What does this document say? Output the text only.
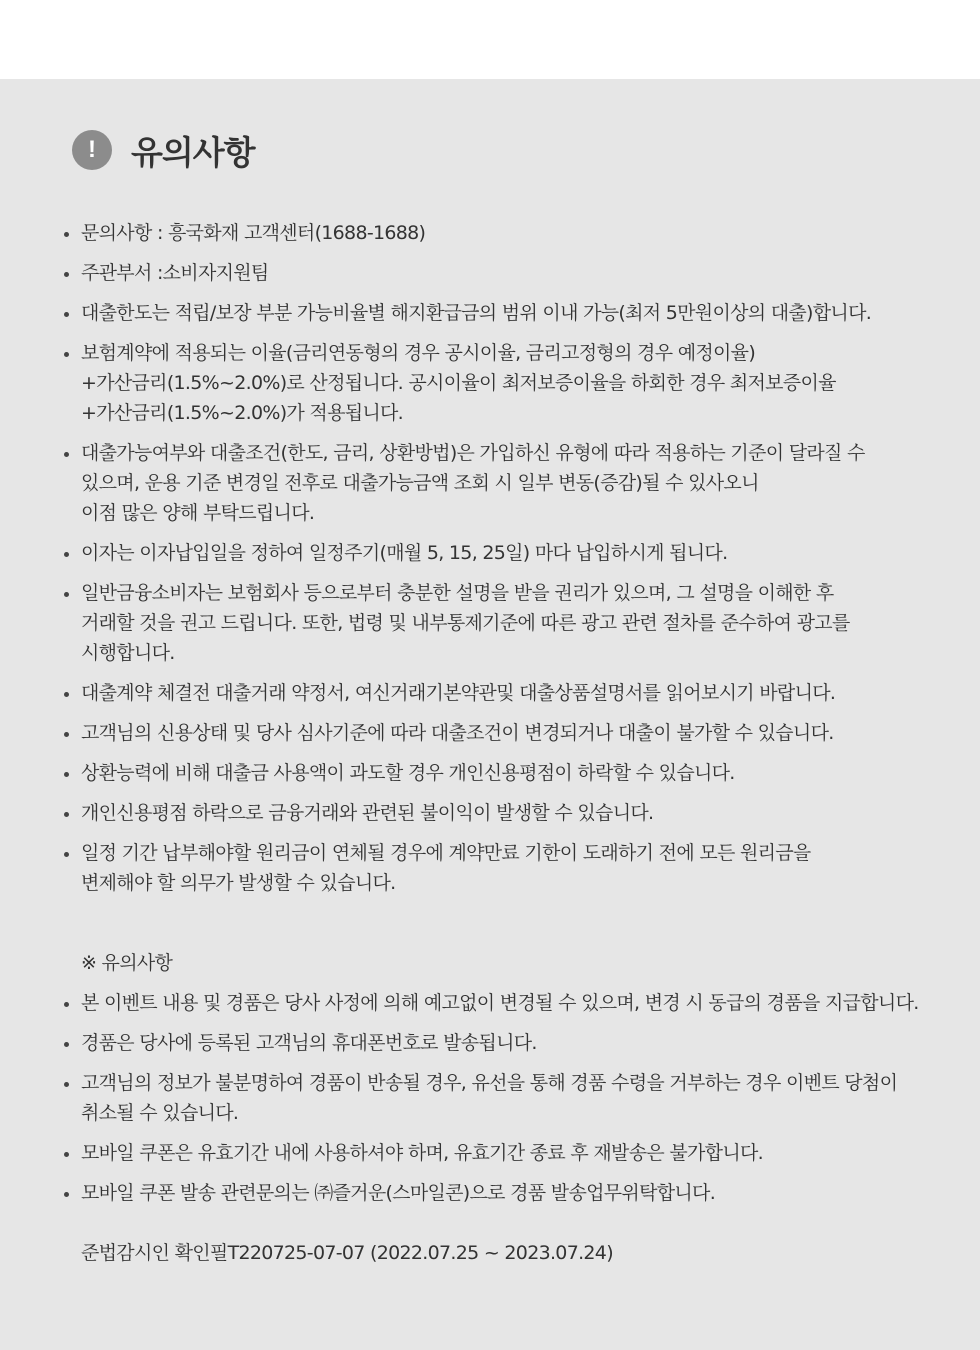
!	유의사항
문의사항 : 흥국화재 고객센터(1688-1688)
주관부서 :소비자지원팀
대출한도는 적립/보장 부분 가능비율별 해지환급금의 범위 이내 가능(최저 5만원이상의 대출)합니다.
보험계약에 적용되는 이율(금리연동형의 경우 공시이율, 금리고정형의 경우 예정이율)
+가산금리(1.5%~2.0%)로 산정됩니다. 공시이율이 최저보증이율을 하회한 경우 최저보증이율
+가산금리(1.5%~2.0%)가 적용됩니다.
대출가능여부와 대출조건(한도, 금리, 상환방법)은 가입하신 유형에 따라 적용하는 기준이 달라질 수
있으며, 운용 기준 변경일 전후로 대출가능금액 조회 시 일부 변동(증감)될 수 있사오니
이점 많은 양해 부탁드립니다.
이자는 이자납입일을 정하여 일정주기(매월 5, 15, 25일) 마다 납입하시게 됩니다.
일반금융소비자는 보험회사 등으로부터 충분한 설명을 받을 권리가 있으며, 그 설명을 이해한 후
거래할 것을 권고 드립니다. 또한, 법령 및 내부통제기준에 따른 광고 관련 절차를 준수하여 광고를
시행합니다.
대출계약 체결전 대출거래 약정서, 여신거래기본약관및 대출상품설명서를 읽어보시기 바랍니다.
고객님의 신용상태 및 당사 심사기준에 따라 대출조건이 변경되거나 대출이 불가할 수 있습니다.
상환능력에 비해 대출금 사용액이 과도할 경우 개인신용평점이 하락할 수 있습니다.
개인신용평점 하락으로 금융거래와 관련된 불이익이 발생할 수 있습니다.
일정 기간 납부해야할 원리금이 연체될 경우에 계약만료 기한이 도래하기 전에 모든 원리금을
변제해야 할 의무가 발생할 수 있습니다.
※ 유의사항
본 이벤트 내용 및 경품은 당사 사정에 의해 예고없이 변경될 수 있으며, 변경 시 동급의 경품을 지급합니다.
경품은 당사에 등록된 고객님의 휴대폰번호로 발송됩니다.
고객님의 정보가 불분명하여 경품이 반송될 경우, 유선을 통해 경품 수령을 거부하는 경우 이벤트 당첨이
취소될 수 있습니다.
모바일 쿠폰은 유효기간 내에 사용하셔야 하며, 유효기간 종료 후 재발송은 불가합니다.
모바일 쿠폰 발송 관련문의는 ㈜즐거운(스마일콘)으로 경품 발송업무위탁합니다.
준법감시인 확인필T220725-07-07 (2022.07.25 ~ 2023.07.24)
